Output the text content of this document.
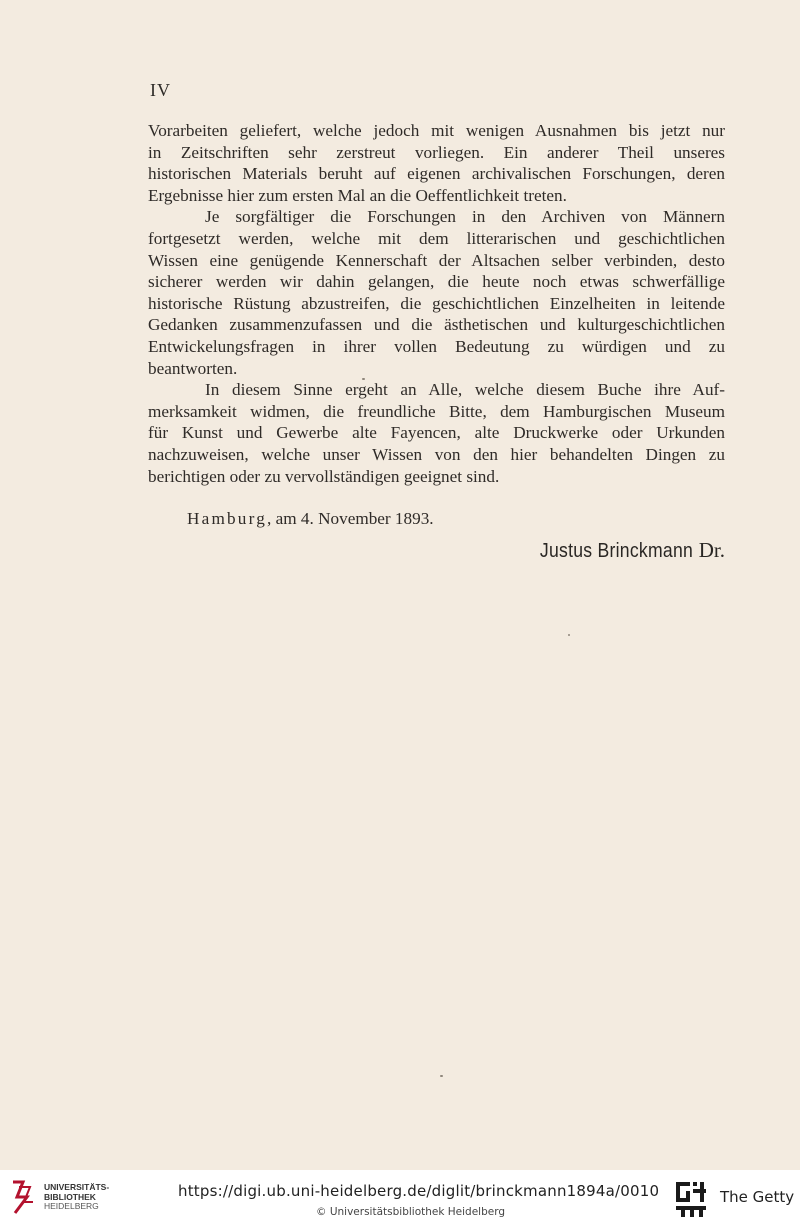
IV

Vorarbeiten geliefert, welche jedoch mit wenigen Ausnahmen bis jetzt nur
in Zeitschriften sehr zerstreut vorliegen. Ein anderer Theil unseres
historischen Materials beruht auf eigenen archivalischen Forschungen, deren
Ergebnisse hier zum ersten Mal an die Oeffentlichkeit treten.

Je sorgfältiger die Forschungen in den Archiven von Männern
fortgesetzt werden, welche mit dem litterarischen und geschichtlichen
Wissen eine genügende Kennerschaft der Altsachen selber verbinden, desto
sicherer werden wir dahin gelangen, die heute noch etwas schwerfällige
historische Rüstung abzustreifen, die geschichtlichen Einzelheiten in leitende
Gedanken zusammenzufassen und die ästhetischen und kulturgeschichtlichen
Entwickelungsfragen in ihrer vollen Bedeutung zu würdigen und zu
beantworten.

In diesem Sinne ergeht an Alle, welche diesem Buche ihre Auf-
merksamkeit widmen, die freundliche Bitte, dem Hamburgischen Museum
für Kunst und Gewerbe alte Fayencen, alte Druckwerke oder Urkunden
nachzuweisen, welche unser Wissen von den hier behandelten Dingen zu
berichtigen oder zu vervollständigen geeignet sind.

Hamburg, am 4. November 1893.
Justus Brinckmann Dr.
UNIVERSITÄTS-
BIBLIOTHEK
HEIDELBERG
https://digi.ub.uni-heidelberg.de/diglit/brinckmann1894a/0010
© Universitätsbibliothek Heidelberg
The Getty
